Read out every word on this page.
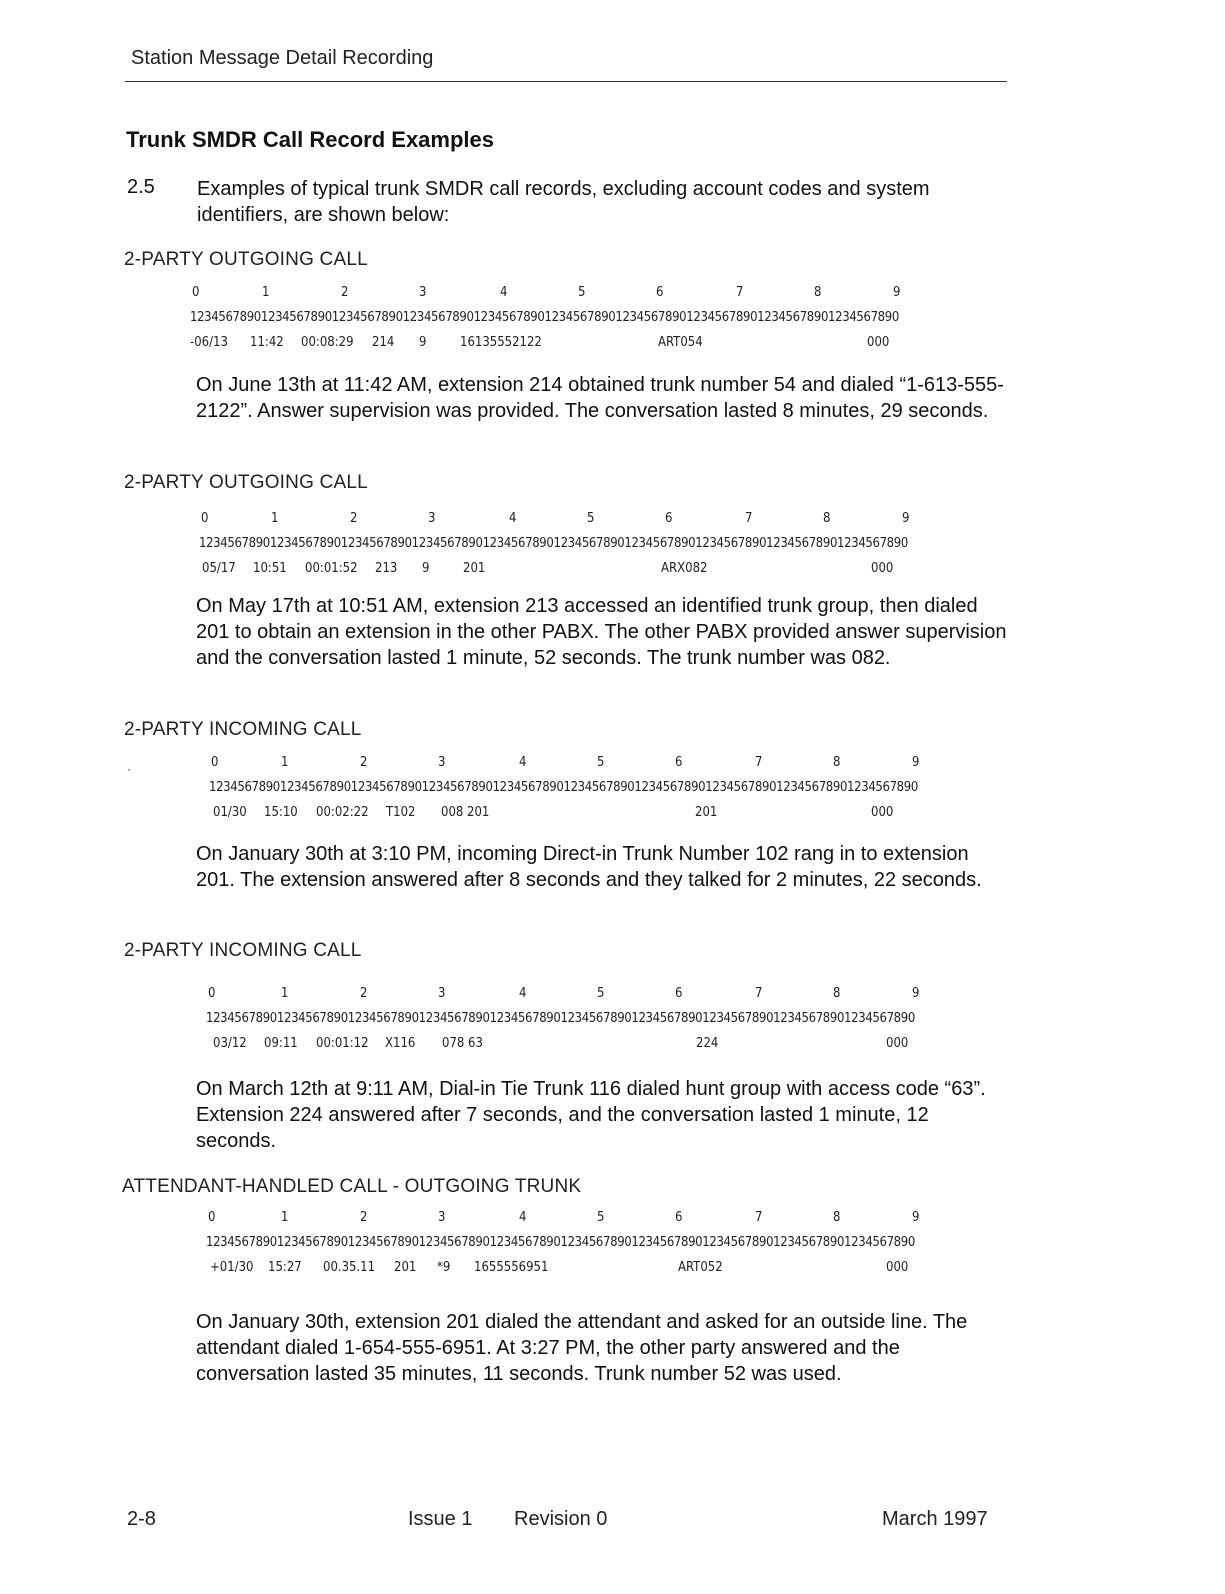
Station Message Detail Recording
Trunk SMDR Call Record Examples
2.5 Examples of typical trunk SMDR call records, excluding account codes and system identifiers, are shown below:

2-PARTY OUTGOING CALL
0	1	2	3	4	5	6	7	8	9
1234567890123456789012345678901234567890123456789012345678901234567890123456789012345678901234567890
-06/13 11:42 00:08:29 214 9	16135552122	ART054	000

On June 13th at 11:42 AM, extension 214 obtained trunk number 54 and dialed “1-613-555-2122”. Answer supervision was provided. The conversation lasted 8 minutes, 29 seconds.

2-PARTY OUTGOING CALL
0	1	2	3	4	5	6	7	8	9
1234567890123456789012345678901234567890123456789012345678901234567890123456789012345678901234567890
05/17 10:51 00:01:52 213 9	201	ARX082	000

On May 17th at 10:51 AM, extension 213 accessed an identified trunk group, then dialed 201 to obtain an extension in the other PABX. The other PABX provided answer supervision and the conversation lasted 1 minute, 52 seconds. The trunk number was 082.

2-PARTY INCOMING CALL
·	0	1	2	3	4	5	6	7	8	9
1234567890123456789012345678901234567890123456789012345678901234567890123456789012345678901234567890
01/30 15:10 00:02:22 T102 008 201	201	000

On January 30th at 3:10 PM, incoming Direct-in Trunk Number 102 rang in to extension 201. The extension answered after 8 seconds and they talked for 2 minutes, 22 seconds.

2-PARTY INCOMING CALL
0	1	2	3	4	5	6	7	8	9
1234567890123456789012345678901234567890123456789012345678901234567890123456789012345678901234567890
03/12 09:11 00:01:12 X116 078 63	224	000

On March 12th at 9:11 AM, Dial-in Tie Trunk 116 dialed hunt group with access code “63”. Extension 224 answered after 7 seconds, and the conversation lasted 1 minute, 12 seconds.

ATTENDANT-HANDLED CALL - OUTGOING TRUNK
0	1	2	3	4	5	6	7	8	9
1234567890123456789012345678901234567890123456789012345678901234567890123456789012345678901234567890
+01/30 15:27 00.35.11 201 *9 1655556951	ART052	000

On January 30th, extension 201 dialed the attendant and asked for an outside line. The attendant dialed 1-654-555-6951. At 3:27 PM, the other party answered and the conversation lasted 35 minutes, 11 seconds. Trunk number 52 was used.

2-8	Issue 1 Revision 0	March 1997
